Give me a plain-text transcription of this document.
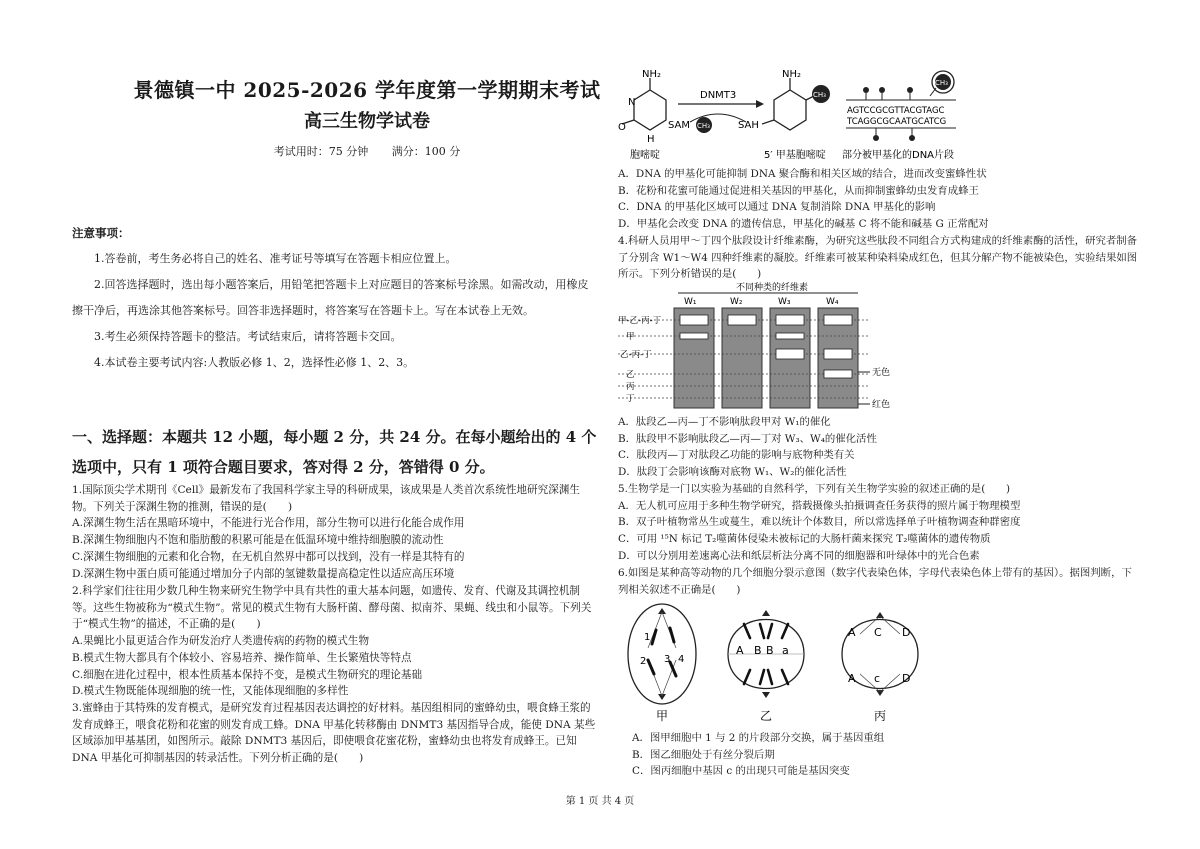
景德镇一中 2025-2026 学年度第一学期期末考试
高三生物学试卷
考试用时：75 分钟 满分：100 分
注意事项：

1.答卷前，考生务必将自己的姓名、准考证号等填写在答题卡相应位置上。

2.回答选择题时，选出每小题答案后，用铅笔把答题卡上对应题目的答案标号涂黑。如需改动，用橡皮擦干净后，再选涂其他答案标号。回答非选择题时，将答案写在答题卡上。写在本试卷上无效。

3.考生必须保持答题卡的整洁。考试结束后，请将答题卡交回。

4.本试卷主要考试内容:人教版必修 1、2，选择性必修 1、2、3。

一、选择题：本题共 12 小题，每小题 2 分，共 24 分。在每小题给出的 4 个选项中，只有 1 项符合题目要求，答对得 2 分，答错得 0 分。

1.国际顶尖学术期刊《Cell》最新发布了我国科学家主导的科研成果，该成果是人类首次系统性地研究深渊生物。下列关于深渊生物的推测，错误的是(　　)

A.深渊生物生活在黑暗环境中，不能进行光合作用，部分生物可以进行化能合成作用

B.深渊生物细胞内不饱和脂肪酸的积累可能是在低温环境中维持细胞膜的流动性

C.深渊生物细胞的元素和化合物，在无机自然界中都可以找到，没有一样是其特有的

D.深渊生物中蛋白质可能通过增加分子内部的氢键数量提高稳定性以适应高压环境

2.科学家们往往用少数几种生物来研究生物学中具有共性的重大基本问题，如遗传、发育、代谢及其调控机制等。这些生物被称为“模式生物”。常见的模式生物有大肠杆菌、酵母菌、拟南芥、果蝇、线虫和小鼠等。下列关于“模式生物”的描述，不正确的是(　　)

A.果蝇比小鼠更适合作为研发治疗人类遗传病的药物的模式生物

B.模式生物大都具有个体较小、容易培养、操作简单、生长繁殖快等特点

C.细胞在进化过程中，根本性质基本保持不变，是模式生物研究的理论基础

D.模式生物既能体现细胞的统一性，又能体现细胞的多样性

3.蜜蜂由于其特殊的发育模式，是研究发育过程基因表达调控的好材料。基因组相同的蜜蜂幼虫，喂食蜂王浆的发育成蜂王，喂食花粉和花蜜的则发育成工蜂。DNA 甲基化转移酶由 DNMT3 基因指导合成，能使 DNA 某些区域添加甲基基团，如图所示。敲除 DNMT3 基因后，即使喂食花蜜花粉，蜜蜂幼虫也将发育成蜂王。已知 DNA 甲基化可抑制基因的转录活性。下列分析正确的是(　　)

NH₂
N
O
H
胞嘧啶
DNMT3
SAM CH₃	SAH
NH₂
CH₃
5′ 甲基胞嘧啶
AGTCCGCGTTACGTAGC
TCAGGCGCAATGCATCG
CH₃
部分被甲基化的DNA片段

A．DNA 的甲基化可能抑制 DNA 聚合酶和相关区域的结合，进而改变蜜蜂性状

B．花粉和花蜜可能通过促进相关基因的甲基化，从而抑制蜜蜂幼虫发育成蜂王

C．DNA 的甲基化区域可以通过 DNA 复制消除 DNA 甲基化的影响

D．甲基化会改变 DNA 的遗传信息，甲基化的碱基 C 将不能和碱基 G 正常配对

4.科研人员用甲～丁四个肽段设计纤维素酶，为研究这些肽段不同组合方式构建成的纤维素酶的活性，研究者制备了分别含 W1～W4 四种纤维素的凝胶。纤维素可被某种染料染成红色，但其分解产物不能被染色，实验结果如图所示。下列分析错误的是(　　)

不同种类的纤维素
W₁	W₂	W₃	W₄
甲-乙-丙-丁
甲
乙-丙-丁
乙
丙
丁
无色
红色

A．肽段乙—丙—丁不影响肽段甲对 W₁的催化

B．肽段甲不影响肽段乙—丙—丁对 W₃、W₄的催化活性

C．肽段丙—丁对肽段乙功能的影响与底物种类有关

D．肽段丁会影响该酶对底物 W₁、W₂的催化活性

5.生物学是一门以实验为基础的自然科学，下列有关生物学实验的叙述正确的是(　　)

A．无人机可应用于多种生物学研究，搭载摄像头拍摄调查任务获得的照片属于物理模型

B．双子叶植物常丛生或蔓生，难以统计个体数目，所以常选择单子叶植物调查种群密度

C．可用 ¹⁵N 标记 T₂噬菌体侵染未被标记的大肠杆菌来探究 T₂噬菌体的遗传物质

D．可以分別用差速离心法和纸层析法分离不同的细胞器和叶绿体中的光合色素

6.如图是某种高等动物的几个细胞分裂示意图（数字代表染色体，字母代表染色体上带有的基因）。据图判断，下列相关叙述不正确是(　　)

1
2 3 4
甲
A B B a
乙
A C D
A c D
丙

A．图甲细胞中 1 与 2 的片段部分交换，属于基因重组

B．图乙细胞处于有丝分裂后期

C．图丙细胞中基因 c 的出现只可能是基因突变

第 1 页 共 4 页
